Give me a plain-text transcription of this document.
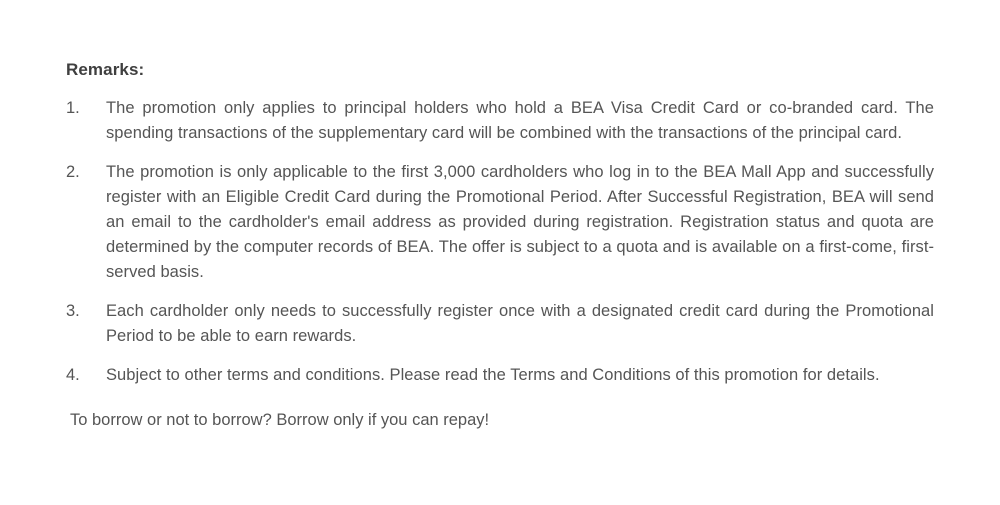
Remarks:
1.	The promotion only applies to principal holders who hold a BEA Visa Credit Card or co-branded card. The spending transactions of the supplementary card will be combined with the transactions of the principal card.
2.	The promotion is only applicable to the first 3,000 cardholders who log in to the BEA Mall App and successfully register with an Eligible Credit Card during the Promotional Period. After Successful Registration, BEA will send an email to the cardholder's email address as provided during registration. Registration status and quota are determined by the computer records of BEA. The offer is subject to a quota and is available on a first-come, first-served basis.
3.	Each cardholder only needs to successfully register once with a designated credit card during the Promotional Period to be able to earn rewards.
4.	Subject to other terms and conditions. Please read the Terms and Conditions of this promotion for details.
To borrow or not to borrow? Borrow only if you can repay!
